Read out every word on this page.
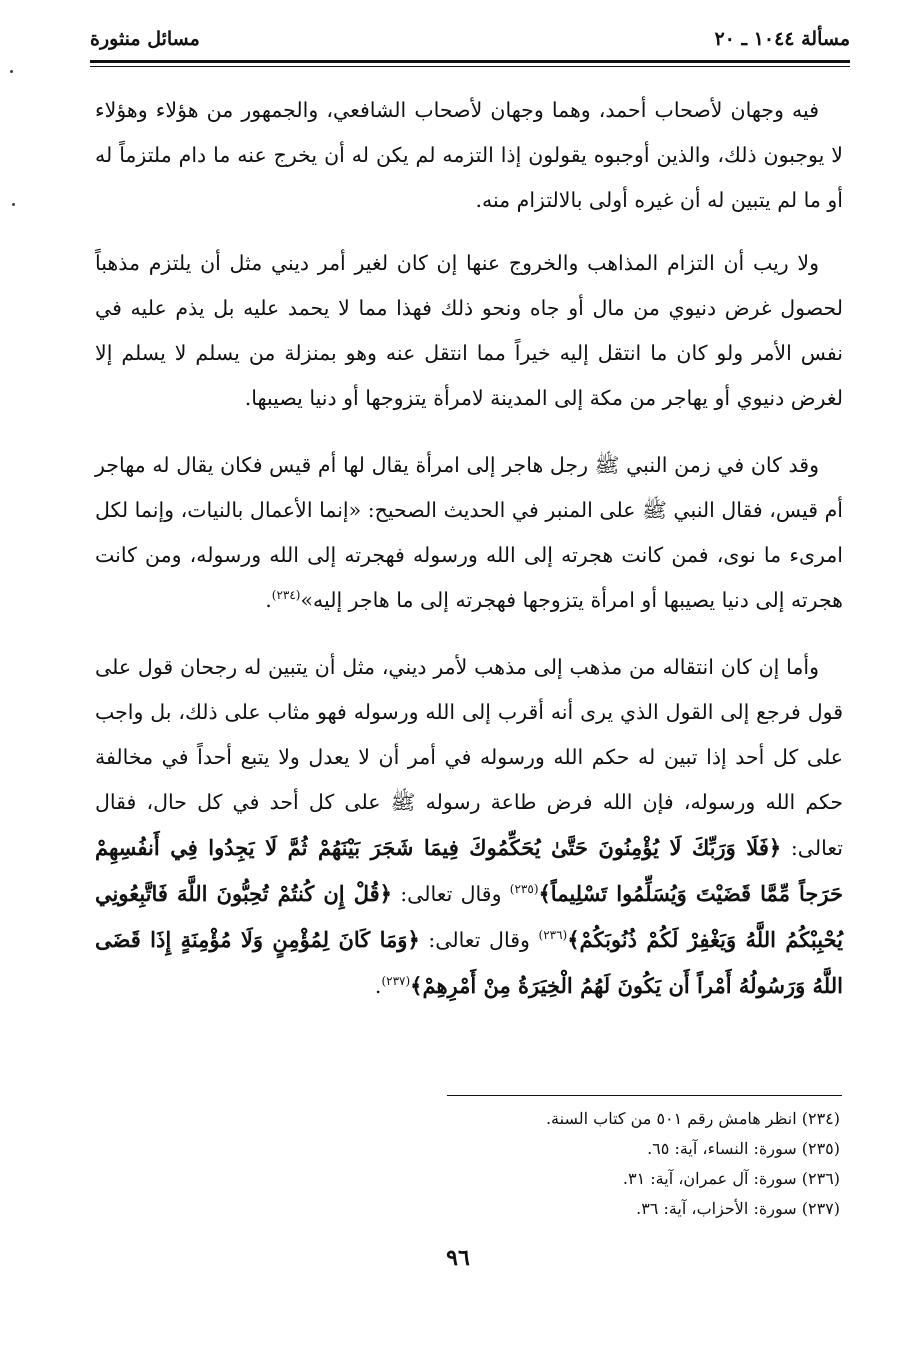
مسألة ١٠٤٤ ـ ٢٠
مسائل منثورة

فيه وجهان لأصحاب أحمد، وهما وجهان لأصحاب الشافعي، والجمهور من هؤلاء وهؤلاء لا يوجبون ذلك، والذين أوجبوه يقولون إذا التزمه لم يكن له أن يخرج عنه ما دام ملتزماً له أو ما لم يتبين له أن غيره أولى بالالتزام منه.

ولا ريب أن التزام المذاهب والخروج عنها إن كان لغير أمر ديني مثل أن يلتزم مذهباً لحصول غرض دنيوي من مال أو جاه ونحو ذلك فهذا مما لا يحمد عليه بل يذم عليه في نفس الأمر ولو كان ما انتقل إليه خيراً مما انتقل عنه وهو بمنزلة من يسلم لا يسلم إلا لغرض دنيوي أو يهاجر من مكة إلى المدينة لامرأة يتزوجها أو دنيا يصيبها.

وقد كان في زمن النبي ﷺ رجل هاجر إلى امرأة يقال لها أم قيس فكان يقال له مهاجر أم قيس، فقال النبي ﷺ على المنبر في الحديث الصحيح: «إنما الأعمال بالنيات، وإنما لكل امرىء ما نوى، فمن كانت هجرته إلى الله ورسوله فهجرته إلى الله ورسوله، ومن كانت هجرته إلى دنيا يصيبها أو امرأة يتزوجها فهجرته إلى ما هاجر إليه»$^{(٢٣٤)}$.

وأما إن كان انتقاله من مذهب إلى مذهب لأمر ديني، مثل أن يتبين له رجحان قول على قول فرجع إلى القول الذي يرى أنه أقرب إلى الله ورسوله فهو مثاب على ذلك، بل واجب على كل أحد إذا تبين له حكم الله ورسوله في أمر أن لا يعدل ولا يتبع أحداً في مخالفة حكم الله ورسوله، فإن الله فرض طاعة رسوله ﷺ على كل أحد في كل حال، فقال تعالى: ﴿فَلَا وَرَبِّكَ لَا يُؤْمِنُونَ حَتَّىٰ يُحَكِّمُوكَ فِيمَا شَجَرَ بَيْنَهُمْ ثُمَّ لَا يَجِدُوا فِي أَنفُسِهِمْ حَرَجاً مِّمَّا قَضَيْتَ وَيُسَلِّمُوا تَسْلِيماً﴾$^{(٢٣٥)}$ وقال تعالى: ﴿قُلْ إِن كُنتُمْ تُحِبُّونَ اللَّهَ فَاتَّبِعُونِي يُحْبِبْكُمُ اللَّهُ وَيَغْفِرْ لَكُمْ ذُنُوبَكُمْ﴾$^{(٢٣٦)}$ وقال تعالى: ﴿وَمَا كَانَ لِمُؤْمِنٍ وَلَا مُؤْمِنَةٍ إِذَا قَضَى اللَّهُ وَرَسُولُهُ أَمْراً أَن يَكُونَ لَهُمُ الْخِيَرَةُ مِنْ أَمْرِهِمْ﴾$^{(٢٣٧)}$.

(٢٣٤) انظر هامش رقم ٥٠١ من كتاب السنة.
(٢٣٥) سورة: النساء، آية: ٦٥.
(٢٣٦) سورة: آل عمران، آية: ٣١.
(٢٣٧) سورة: الأحزاب، آية: ٣٦.
٩٦
